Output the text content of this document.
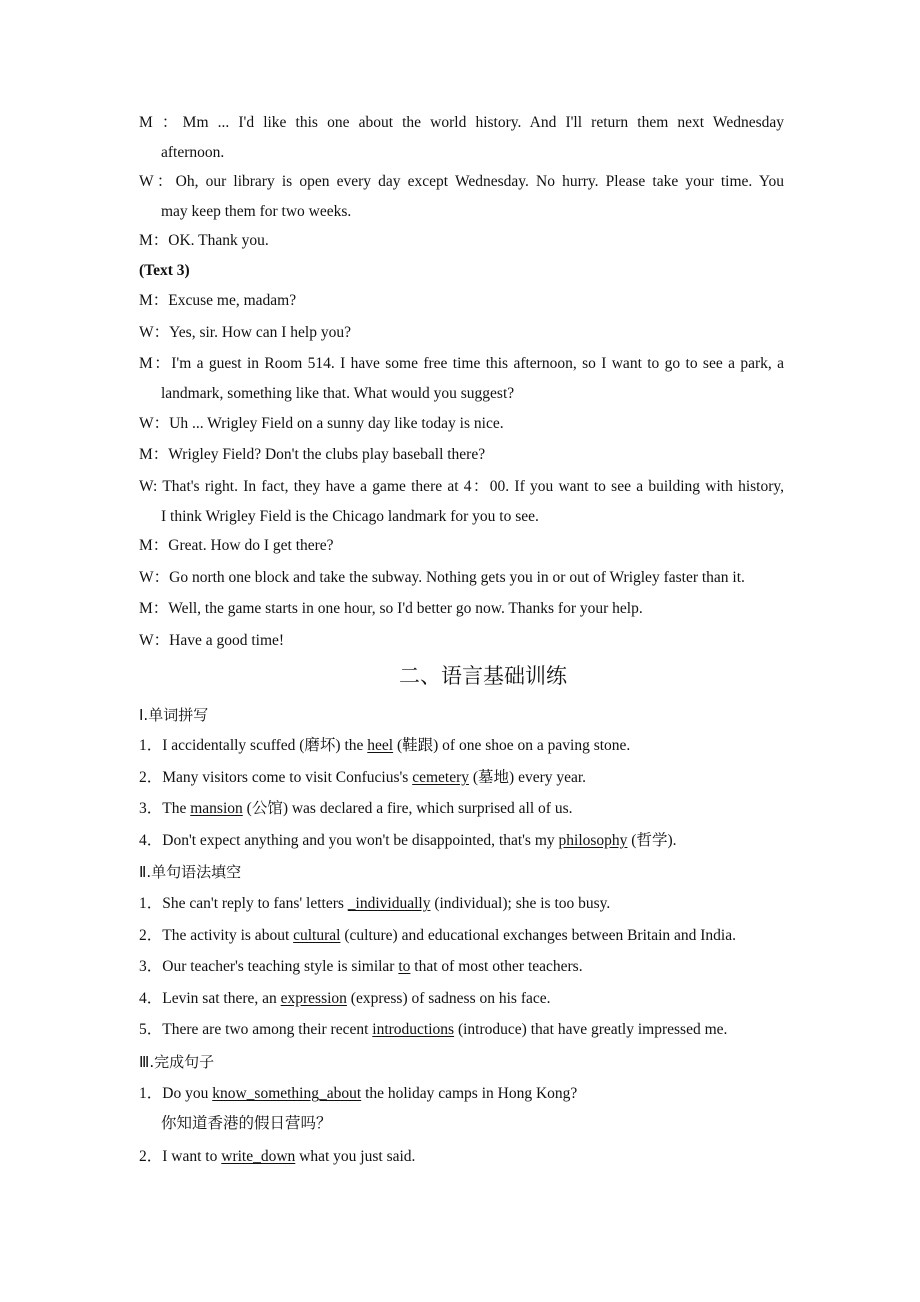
M ：Mm ... I'd like this one about the world history. And I'll return them next Wednesday
afternoon.
W：Oh, our library is open every day except Wednesday. No hurry. Please take your time. You
may keep them for two weeks.
M：OK. Thank you.
(Text 3)
M：Excuse me, madam?
W：Yes, sir. How can I help you?
M：I'm a guest in Room 514. I have some free time this afternoon, so I want to go to see a park, a
landmark, something like that. What would you suggest?
W：Uh ... Wrigley Field on a sunny day like today is nice.
M：Wrigley Field? Don't the clubs play baseball there?
W: That's right. In fact, they have a game there at 4：00. If you want to see a building with history,
I think Wrigley Field is the Chicago landmark for you to see.
M：Great. How do I get there?
W：Go north one block and take the subway. Nothing gets you in or out of Wrigley faster than it.
M：Well, the game starts in one hour, so I'd better go now. Thanks for your help.
W：Have a good time!
二、语言基础训练
Ⅰ.单词拼写
1．I accidentally scuffed (磨坏) the heel (鞋跟) of one shoe on a paving stone.
2．Many visitors come to visit Confucius's cemetery (墓地) every year.
3．The mansion (公馆) was declared a fire, which surprised all of us.
4．Don't expect anything and you won't be disappointed, that's my philosophy (哲学).
Ⅱ.单句语法填空
1．She can't reply to fans' letters _individually (individual); she is too busy.
2．The activity is about cultural (culture) and educational exchanges between Britain and India.
3．Our teacher's teaching style is similar to that of most other teachers.
4．Levin sat there, an expression (express) of sadness on his face.
5．There are two among their recent introductions (introduce) that have greatly impressed me.
Ⅲ.完成句子
1．Do you know_something_about the holiday camps in Hong Kong?
你知道香港的假日营吗？
2．I want to write_down what you just said.
